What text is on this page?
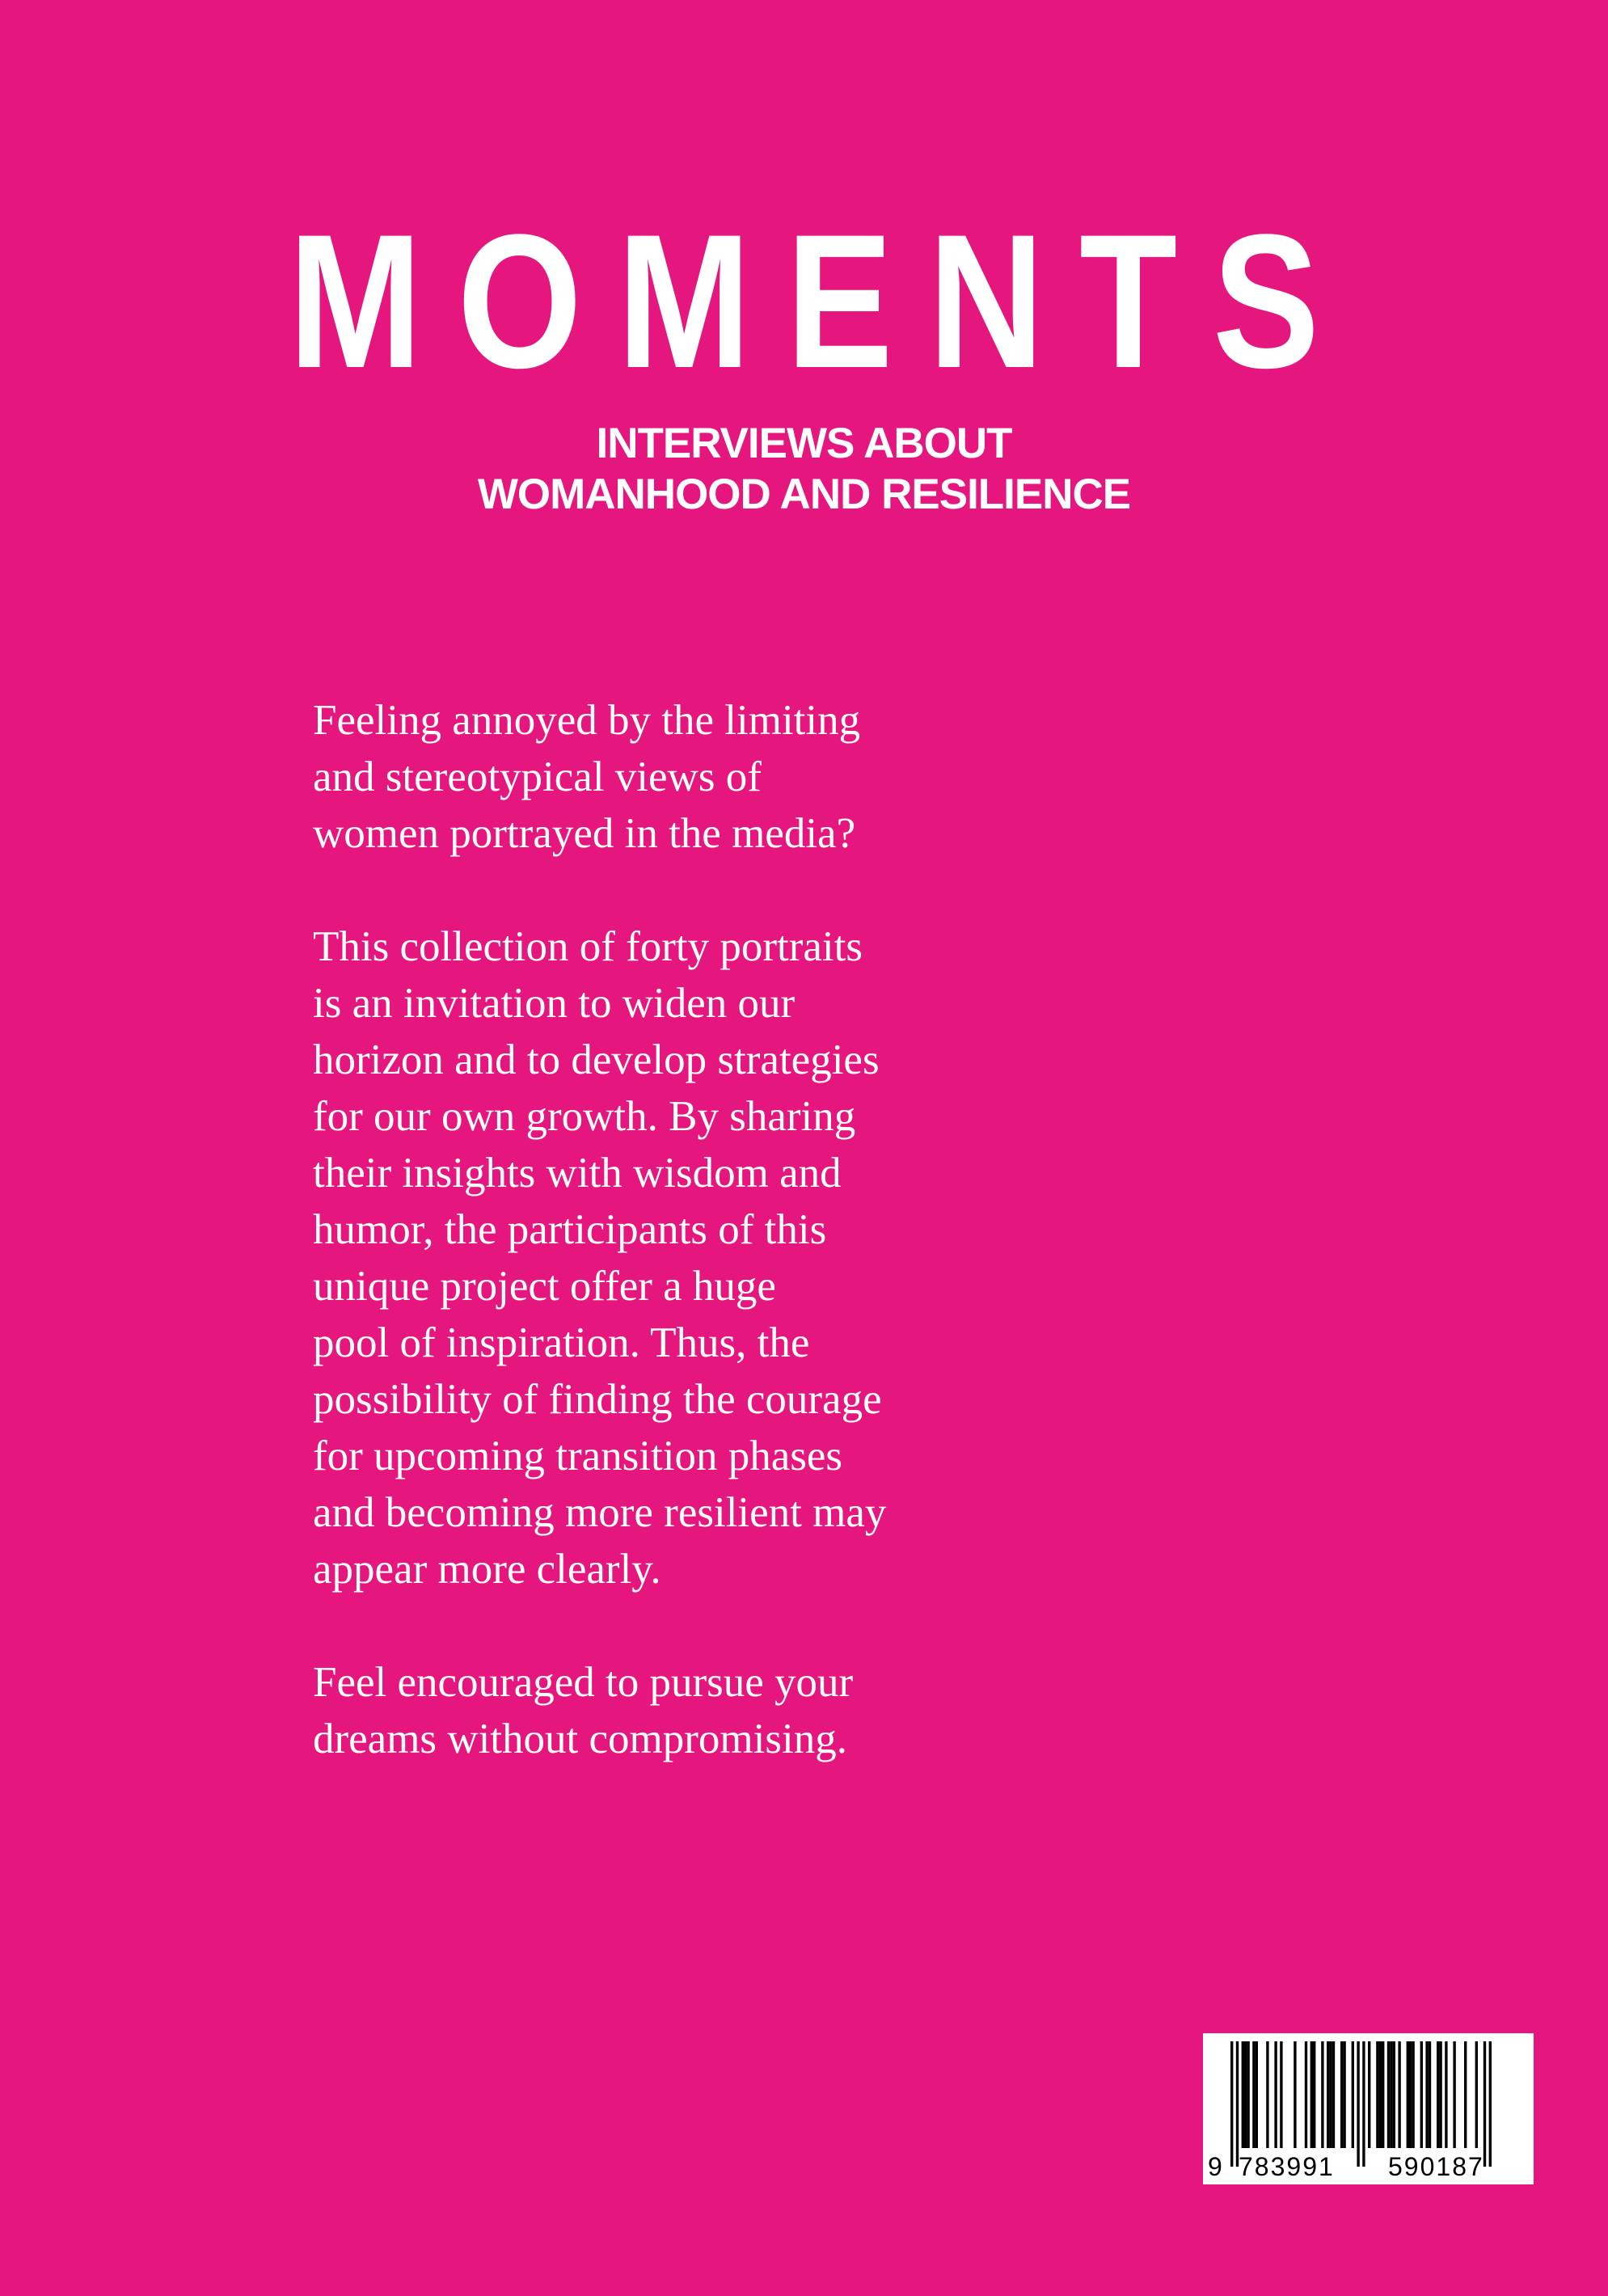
MOMENTS
INTERVIEWS ABOUT
WOMANHOOD AND RESILIENCE

Feeling annoyed by the limiting
and stereotypical views of
women portrayed in the media?

This collection of forty portraits
is an invitation to widen our
horizon and to develop strategies
for our own growth. By sharing
their insights with wisdom and
humor, the participants of this
unique project offer a huge
pool of inspiration. Thus, the
possibility of finding the courage
for upcoming transition phases
and becoming more resilient may
appear more clearly.

Feel encouraged to pursue your
dreams without compromising.

9 783991 590187
